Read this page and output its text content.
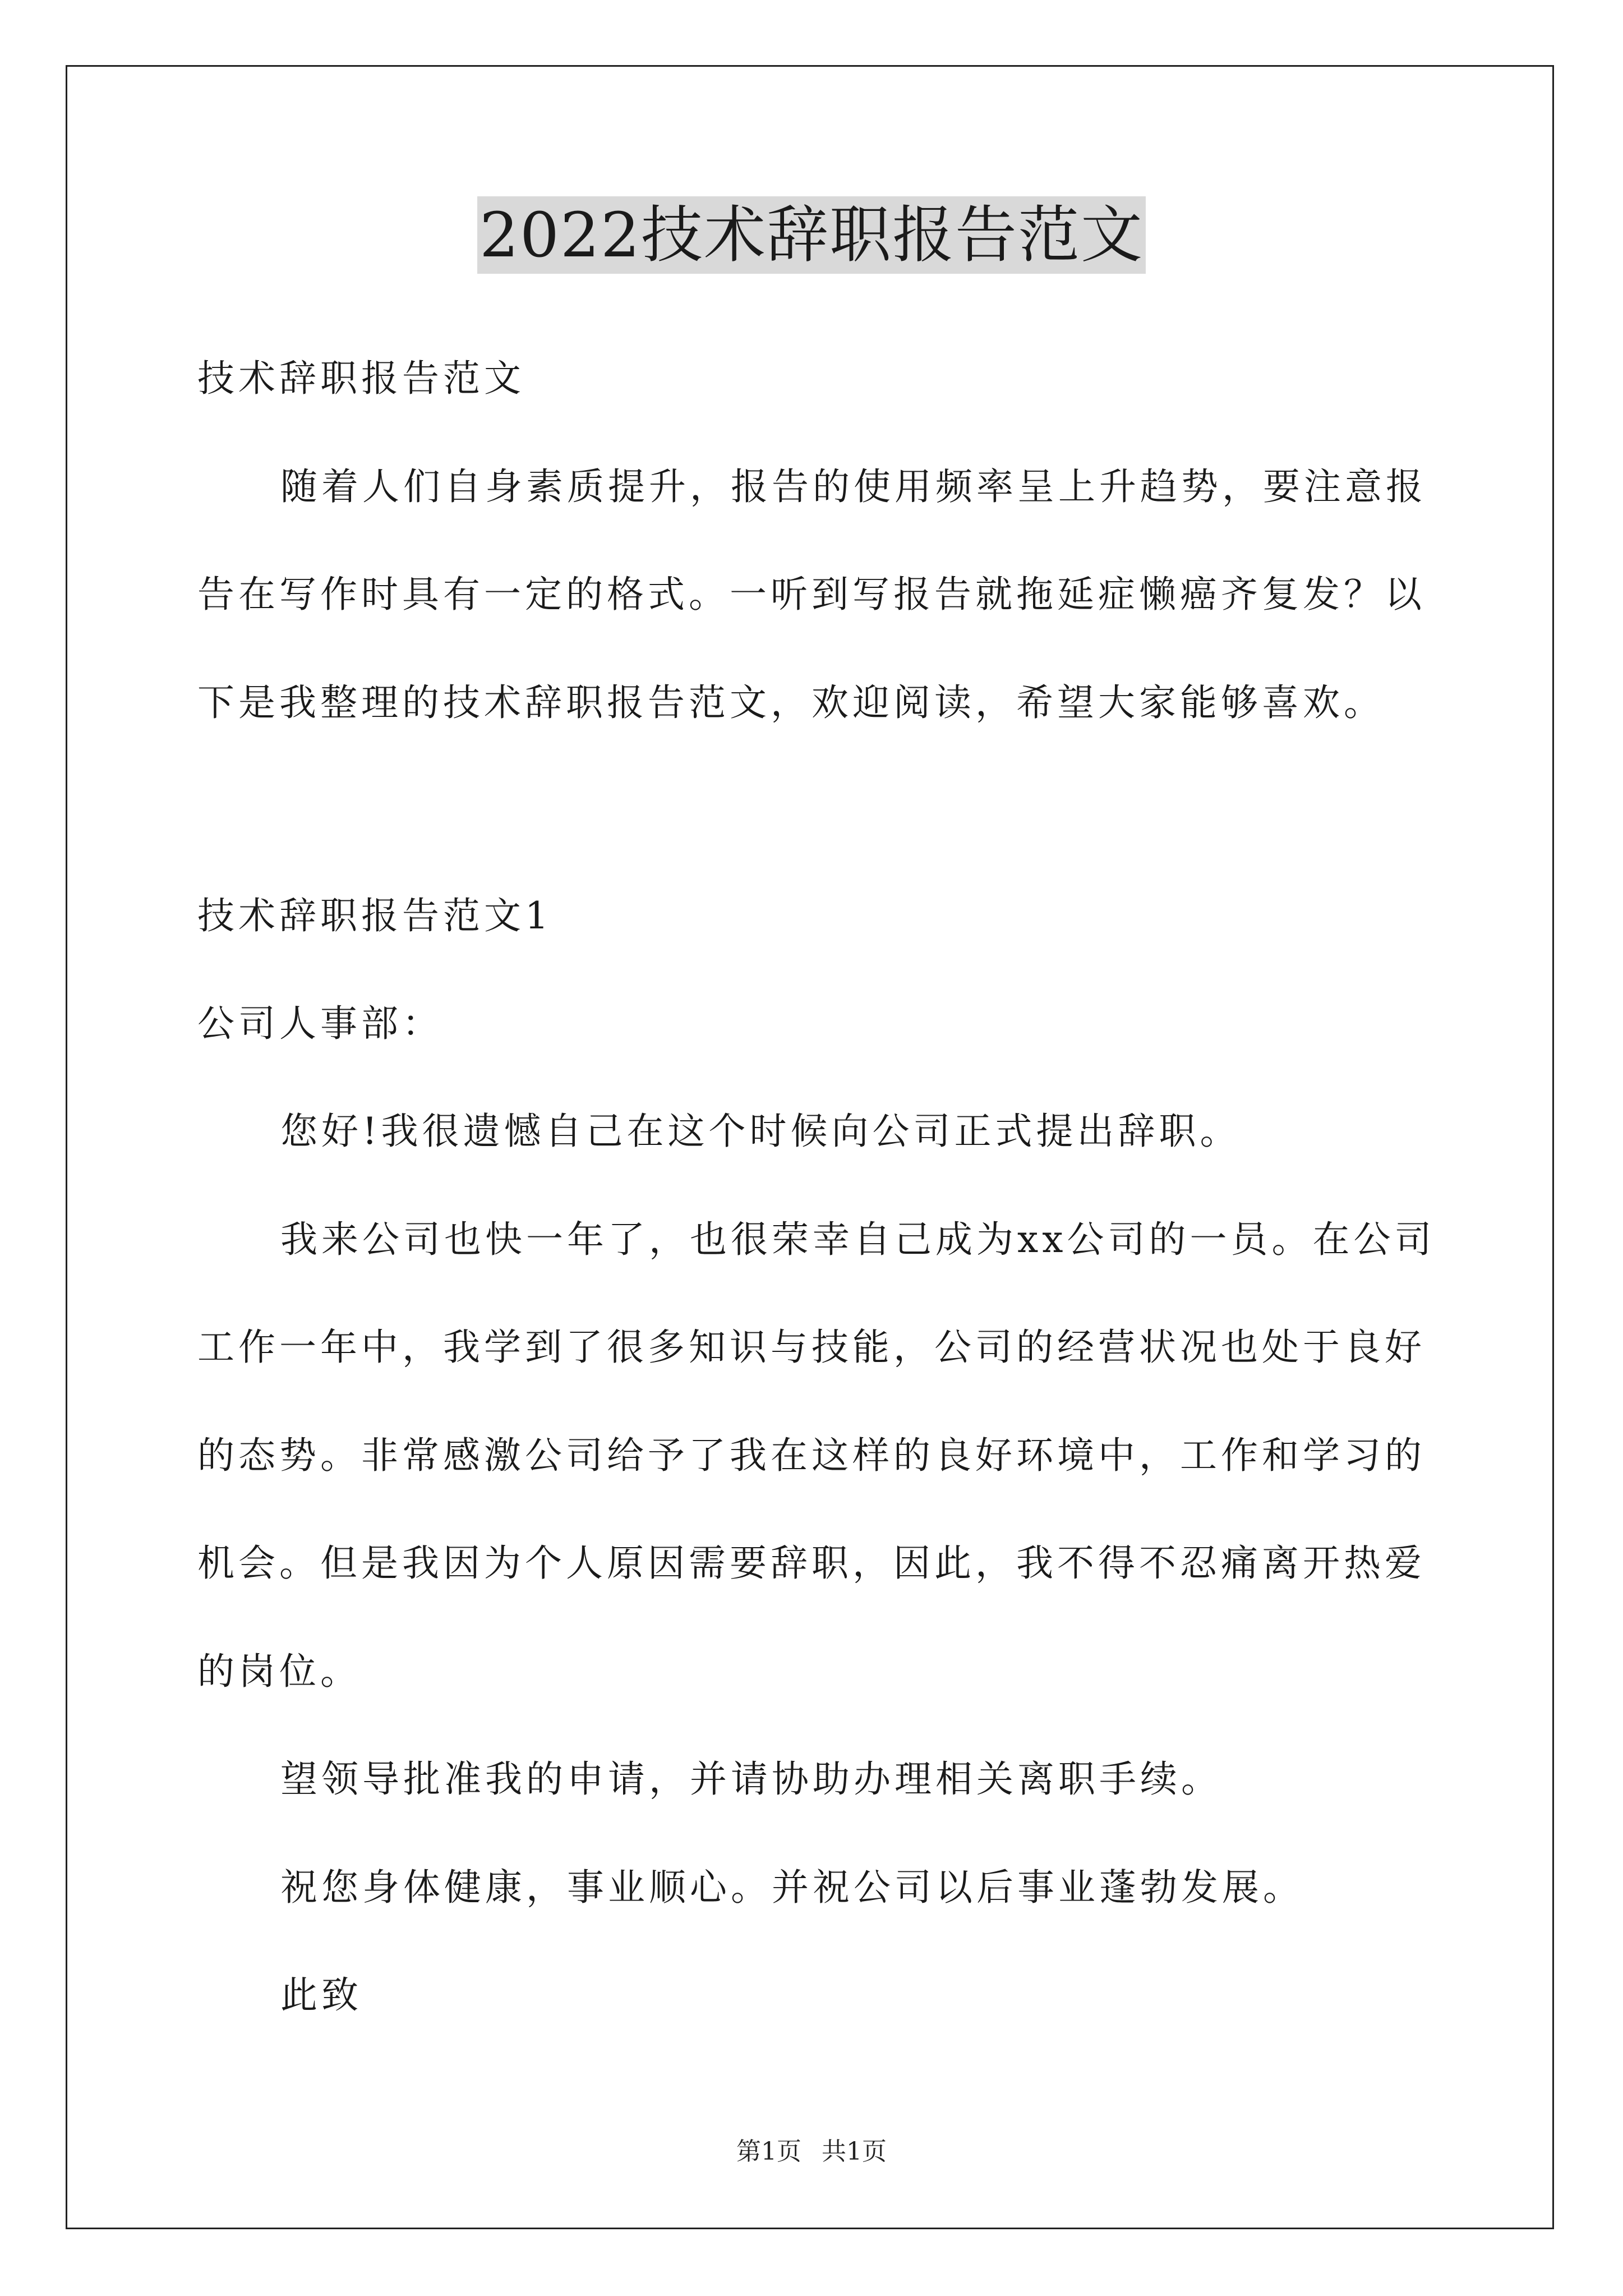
2022技术辞职报告范文
技术辞职报告范文
随着人们自身素质提升，报告的使用频率呈上升趋势，要注意报
告在写作时具有一定的格式。一听到写报告就拖延症懒癌齐复发？以
下是我整理的技术辞职报告范文，欢迎阅读，希望大家能够喜欢。
技术辞职报告范文1
公司人事部：
您好!我很遗憾自己在这个时候向公司正式提出辞职。
我来公司也快一年了，也很荣幸自己成为xx公司的一员。在公司
工作一年中，我学到了很多知识与技能，公司的经营状况也处于良好
的态势。非常感激公司给予了我在这样的良好环境中，工作和学习的
机会。但是我因为个人原因需要辞职，因此，我不得不忍痛离开热爱
的岗位。
望领导批准我的申请，并请协助办理相关离职手续。
祝您身体健康，事业顺心。并祝公司以后事业蓬勃发展。
此致
第1页 共1页
